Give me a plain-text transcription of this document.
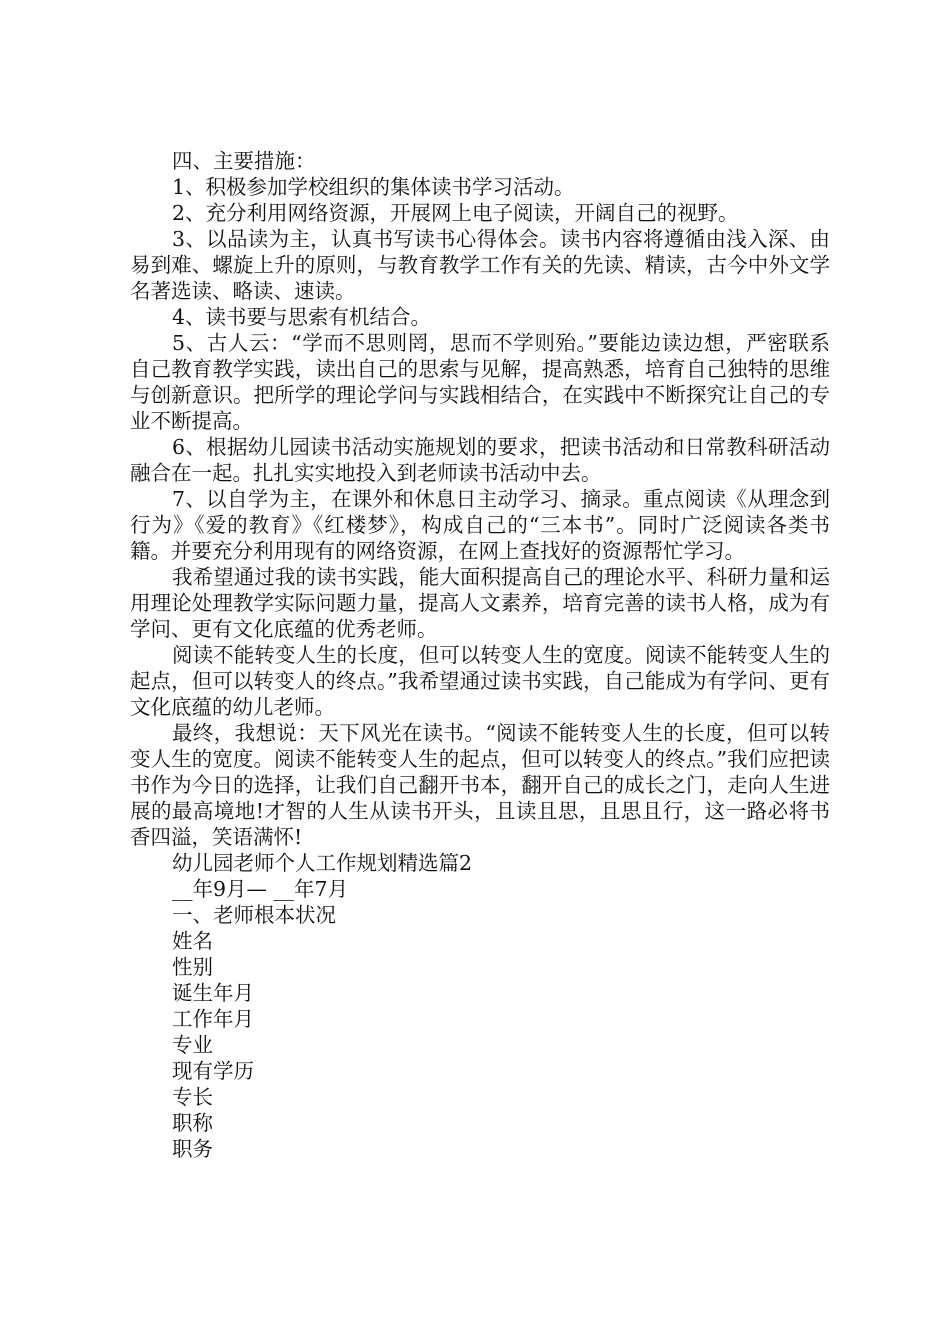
四、主要措施：

1、积极参加学校组织的集体读书学习活动。

2、充分利用网络资源，开展网上电子阅读，开阔自己的视野。

3、以品读为主，认真书写读书心得体会。读书内容将遵循由浅入深、由易到难、螺旋上升的原则，与教育教学工作有关的先读、精读，古今中外文学名著选读、略读、速读。

4、读书要与思索有机结合。

5、古人云：“学而不思则罔，思而不学则殆。”要能边读边想，严密联系自己教育教学实践，读出自己的思索与见解，提高熟悉，培育自己独特的思维与创新意识。把所学的理论学问与实践相结合，在实践中不断探究让自己的专业不断提高。

6、根据幼儿园读书活动实施规划的要求，把读书活动和日常教科研活动融合在一起。扎扎实实地投入到老师读书活动中去。

7、以自学为主，在课外和休息日主动学习、摘录。重点阅读《从理念到行为》《爱的教育》《红楼梦》，构成自己的“三本书”。同时广泛阅读各类书籍。并要充分利用现有的网络资源，在网上查找好的资源帮忙学习。

我希望通过我的读书实践，能大面积提高自己的理论水平、科研力量和运用理论处理教学实际问题力量，提高人文素养，培育完善的读书人格，成为有学问、更有文化底蕴的优秀老师。

阅读不能转变人生的长度，但可以转变人生的宽度。阅读不能转变人生的起点，但可以转变人的终点。”我希望通过读书实践，自己能成为有学问、更有文化底蕴的幼儿老师。

最终，我想说：天下风光在读书。“阅读不能转变人生的长度，但可以转变人生的宽度。阅读不能转变人生的起点，但可以转变人的终点。”我们应把读书作为今日的选择，让我们自己翻开书本，翻开自己的成长之门，走向人生进展的最高境地!才智的人生从读书开头，且读且思，且思且行，这一路必将书香四溢，笑语满怀!

幼儿园老师个人工作规划精选篇2

__年9月— __年7月

一、老师根本状况

姓名

性别

诞生年月

工作年月

专业

现有学历

专长

职称

职务
